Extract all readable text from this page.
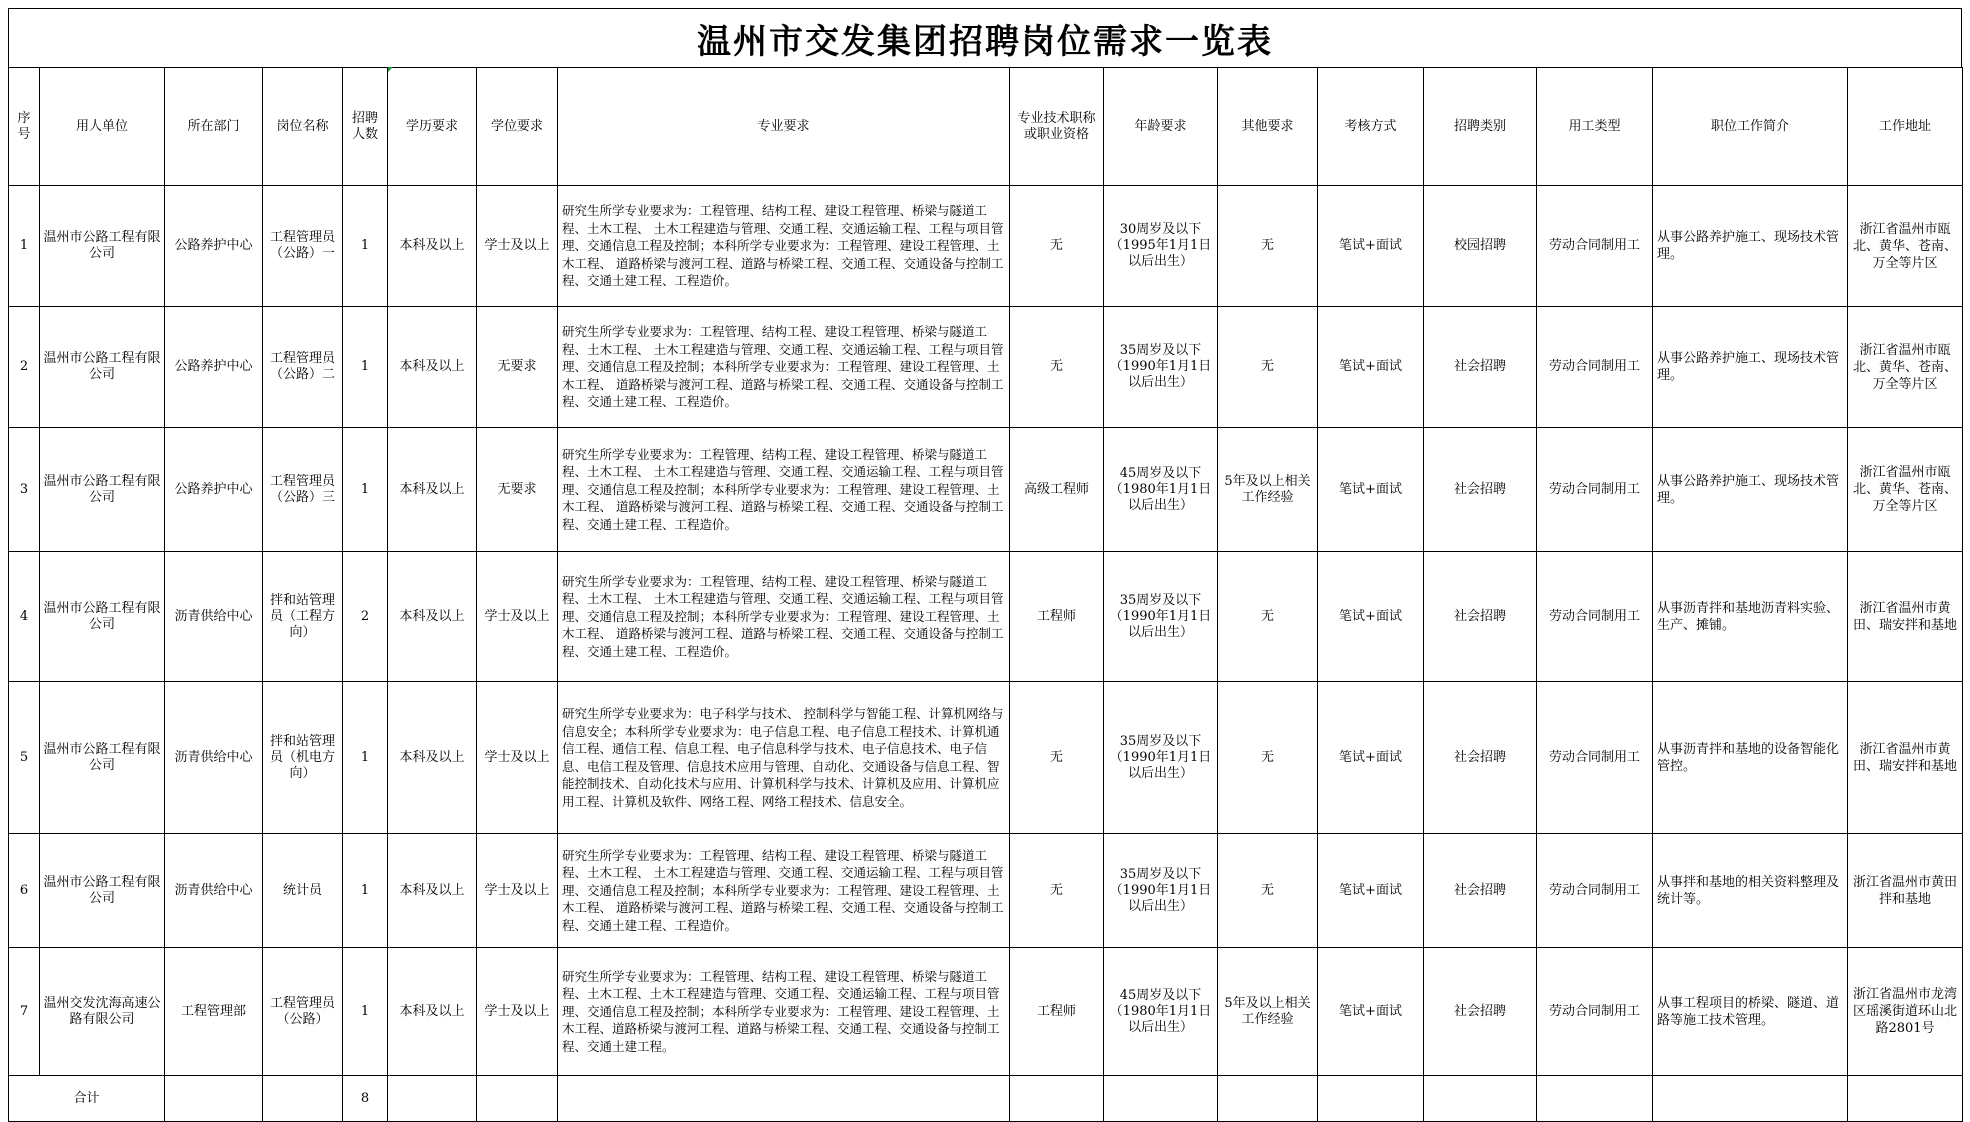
温州市交发集团招聘岗位需求一览表
序号	用人单位	所在部门	岗位名称	招聘人数	学历要求	学位要求	专业要求	专业技术职称或职业资格	年龄要求	其他要求	考核方式	招聘类别	用工类型	职位工作简介	工作地址
1	温州市公路工程有限公司	公路养护中心	工程管理员（公路）一	1	本科及以上	学士及以上	研究生所学专业要求为：工程管理、结构工程、建设工程管理、桥梁与隧道工程、土木工程、 土木工程建造与管理、交通工程、交通运输工程、工程与项目管理、交通信息工程及控制；本科所学专业要求为：工程管理、建设工程管理、土木工程、 道路桥梁与渡河工程、道路与桥梁工程、交通工程、交通设备与控制工程、交通土建工程、工程造价。	无	30周岁及以下（1995年1月1日以后出生）	无	笔试+面试	校园招聘	劳动合同制用工	从事公路养护施工、现场技术管理。	浙江省温州市瓯北、黄华、苍南、万全等片区
2	温州市公路工程有限公司	公路养护中心	工程管理员（公路）二	1	本科及以上	无要求	研究生所学专业要求为：工程管理、结构工程、建设工程管理、桥梁与隧道工程、土木工程、 土木工程建造与管理、交通工程、交通运输工程、工程与项目管理、交通信息工程及控制；本科所学专业要求为：工程管理、建设工程管理、土木工程、 道路桥梁与渡河工程、道路与桥梁工程、交通工程、交通设备与控制工程、交通土建工程、工程造价。	无	35周岁及以下（1990年1月1日以后出生）	无	笔试+面试	社会招聘	劳动合同制用工	从事公路养护施工、现场技术管理。	浙江省温州市瓯北、黄华、苍南、万全等片区
3	温州市公路工程有限公司	公路养护中心	工程管理员（公路）三	1	本科及以上	无要求	研究生所学专业要求为：工程管理、结构工程、建设工程管理、桥梁与隧道工程、土木工程、 土木工程建造与管理、交通工程、交通运输工程、工程与项目管理、交通信息工程及控制；本科所学专业要求为：工程管理、建设工程管理、土木工程、 道路桥梁与渡河工程、道路与桥梁工程、交通工程、交通设备与控制工程、交通土建工程、工程造价。	高级工程师	45周岁及以下（1980年1月1日以后出生）	5年及以上相关工作经验	笔试+面试	社会招聘	劳动合同制用工	从事公路养护施工、现场技术管理。	浙江省温州市瓯北、黄华、苍南、万全等片区
4	温州市公路工程有限公司	沥青供给中心	拌和站管理员（工程方向）	2	本科及以上	学士及以上	研究生所学专业要求为：工程管理、结构工程、建设工程管理、桥梁与隧道工程、土木工程、 土木工程建造与管理、交通工程、交通运输工程、工程与项目管理、交通信息工程及控制；本科所学专业要求为：工程管理、建设工程管理、土木工程、 道路桥梁与渡河工程、道路与桥梁工程、交通工程、交通设备与控制工程、交通土建工程、工程造价。	工程师	35周岁及以下（1990年1月1日以后出生）	无	笔试+面试	社会招聘	劳动合同制用工	从事沥青拌和基地沥青料实验、生产、摊铺。	浙江省温州市黄田、瑞安拌和基地
5	温州市公路工程有限公司	沥青供给中心	拌和站管理员（机电方向）	1	本科及以上	学士及以上	研究生所学专业要求为：电子科学与技术、 控制科学与智能工程、计算机网络与信息安全；本科所学专业要求为：电子信息工程、电子信息工程技术、计算机通信工程、通信工程、信息工程、电子信息科学与技术、电子信息技术、电子信息、电信工程及管理、信息技术应用与管理、自动化、交通设备与信息工程、智能控制技术、自动化技术与应用、计算机科学与技术、计算机及应用、计算机应用工程、计算机及软件、网络工程、网络工程技术、信息安全。	无	35周岁及以下（1990年1月1日以后出生）	无	笔试+面试	社会招聘	劳动合同制用工	从事沥青拌和基地的设备智能化管控。	浙江省温州市黄田、瑞安拌和基地
6	温州市公路工程有限公司	沥青供给中心	统计员	1	本科及以上	学士及以上	研究生所学专业要求为：工程管理、结构工程、建设工程管理、桥梁与隧道工程、土木工程、 土木工程建造与管理、交通工程、交通运输工程、工程与项目管理、交通信息工程及控制；本科所学专业要求为：工程管理、建设工程管理、土木工程、 道路桥梁与渡河工程、道路与桥梁工程、交通工程、交通设备与控制工程、交通土建工程、工程造价。	无	35周岁及以下（1990年1月1日以后出生）	无	笔试+面试	社会招聘	劳动合同制用工	从事拌和基地的相关资料整理及统计等。	浙江省温州市黄田拌和基地
7	温州交发沈海高速公路有限公司	工程管理部	工程管理员（公路）	1	本科及以上	学士及以上	研究生所学专业要求为：工程管理、结构工程、建设工程管理、桥梁与隧道工程、土木工程、土木工程建造与管理、交通工程、交通运输工程、工程与项目管理、交通信息工程及控制；本科所学专业要求为：工程管理、建设工程管理、土木工程、道路桥梁与渡河工程、道路与桥梁工程、交通工程、交通设备与控制工程、交通土建工程。	工程师	45周岁及以下（1980年1月1日以后出生）	5年及以上相关工作经验	笔试+面试	社会招聘	劳动合同制用工	从事工程项目的桥梁、隧道、道路等施工技术管理。	浙江省温州市龙湾区瑶溪街道环山北路2801号
合计				8											
